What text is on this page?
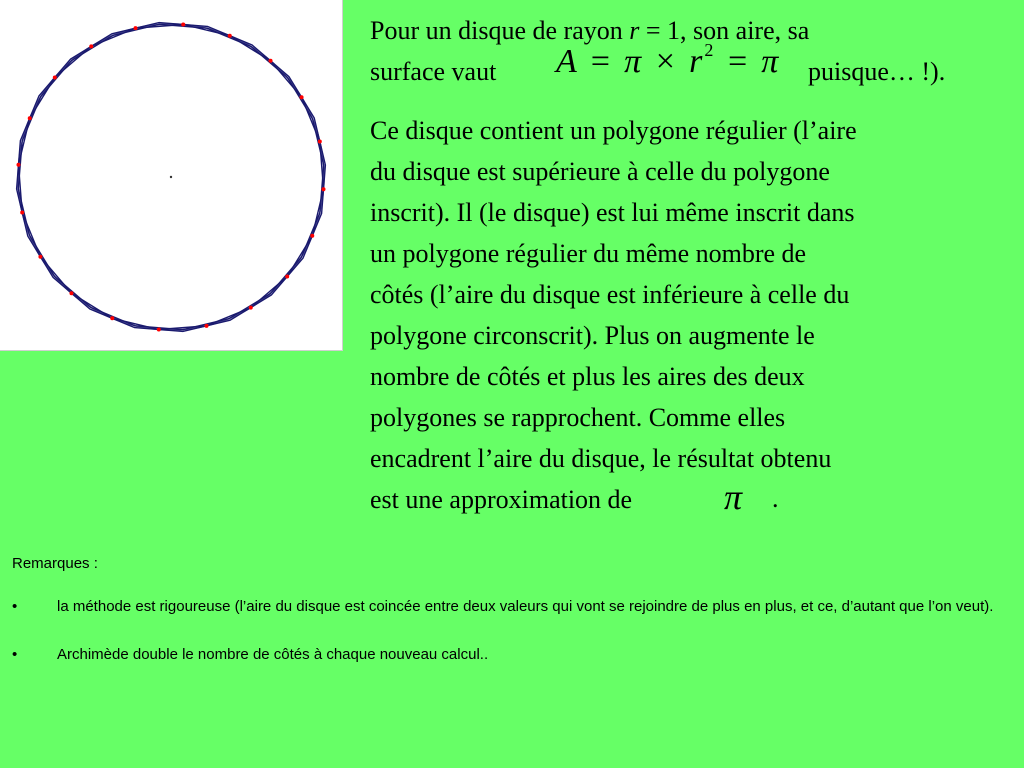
Pour un disque de rayon r = 1, son aire, sa
surface vaut	$A = \pi \times r^2 = \pi$ puisque… !).
Ce disque contient un polygone régulier (l’aire
du disque est supérieure à celle du polygone
inscrit). Il (le disque) est lui même inscrit dans
un polygone régulier du même nombre de
côtés (l’aire du disque est inférieure à celle du
polygone circonscrit). Plus on augmente le
nombre de côtés et plus les aires des deux
polygones se rapprochent. Comme elles
encadrent l’aire du disque, le résultat obtenu
est une approximation de	π .

Remarques :

•	la méthode est rigoureuse (l’aire du disque est coincée entre deux valeurs qui vont se rejoindre de plus en plus, et ce, d’autant que l’on veut).
•	Archimède double le nombre de côtés à chaque nouveau calcul..
